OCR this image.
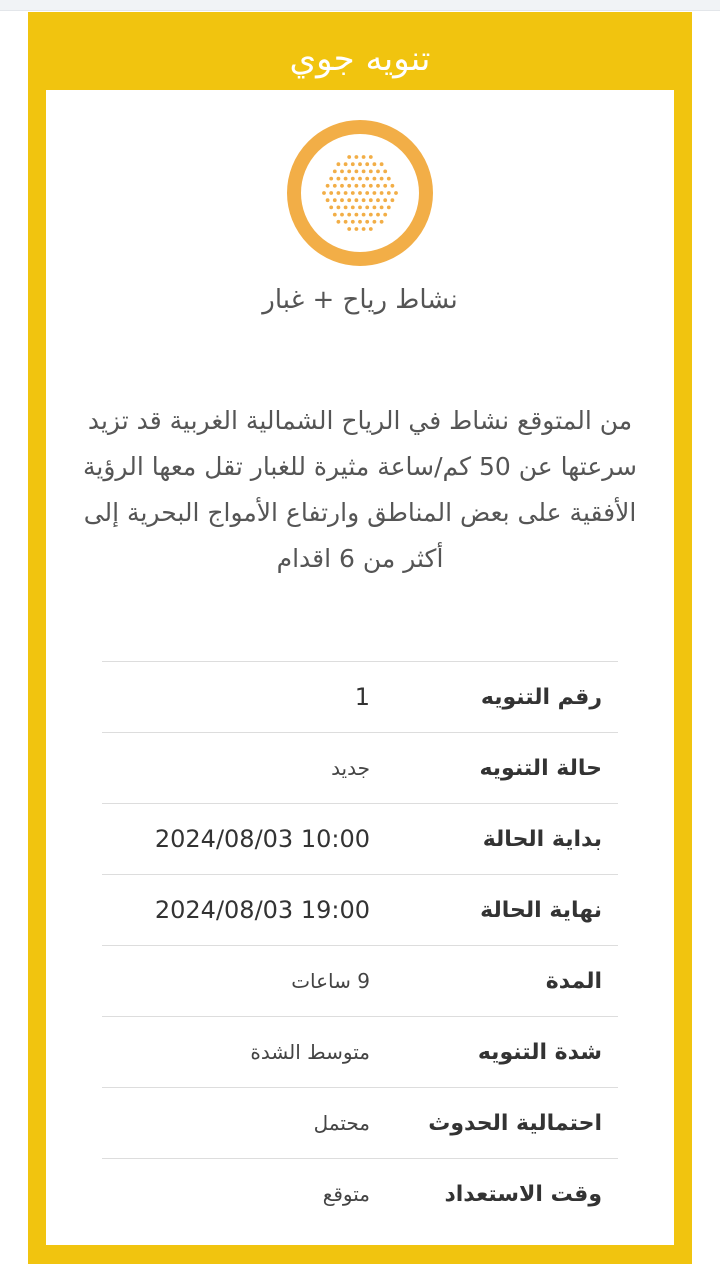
تنويه جوي
نشاط رياح + غبار
من المتوقع نشاط في الرياح الشمالية الغربية قد تزيد سرعتها عن 50 كم/ساعة مثيرة للغبار تقل معها الرؤية الأفقية على بعض المناطق وارتفاع الأمواج البحرية إلى أكثر من 6 اقدام
رقم التنويه
1
حالة التنويه
جديد
بداية الحالة
2024/08/03 10:00
نهاية الحالة
2024/08/03 19:00
المدة
9 ساعات
شدة التنويه
متوسط الشدة
احتمالية الحدوث
محتمل
وقت الاستعداد
متوقع
